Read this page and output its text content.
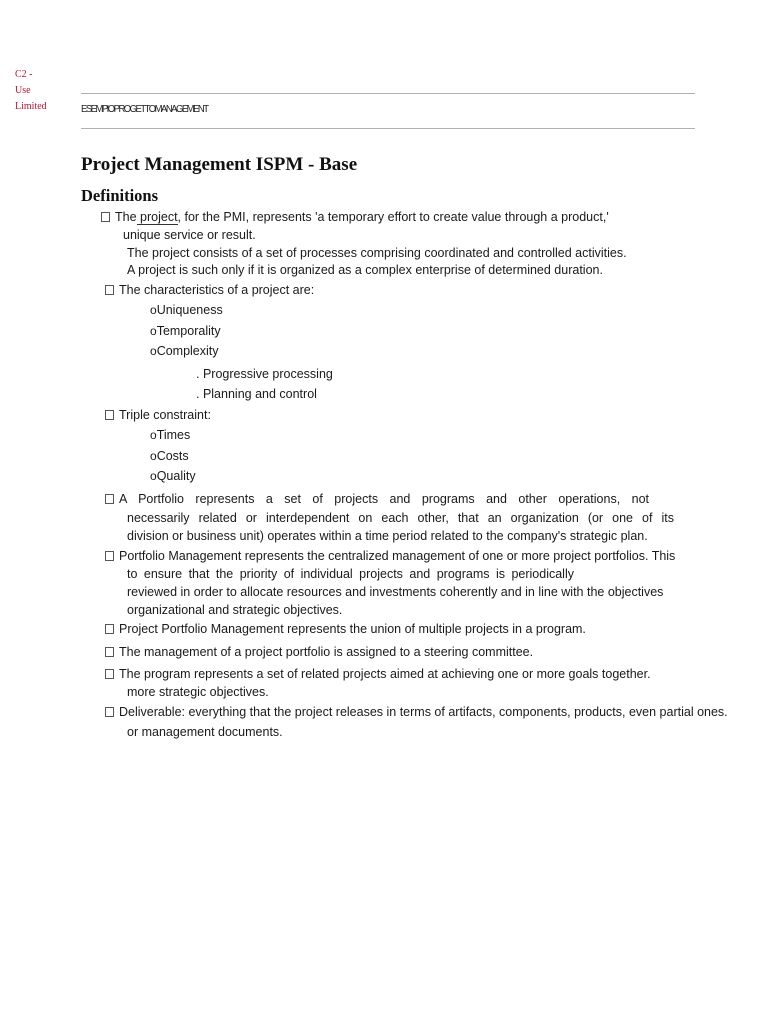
C2 -
Use
Limited	ESEMPIOPROGETTOMANAGEMENT
Project Management ISPM - Base
Definitions
The project, for the PMI, represents 'a temporary effort to create value through a product,'
unique service or result.
The project consists of a set of processes comprising coordinated and controlled activities.
A project is such only if it is organized as a complex enterprise of determined duration.
The characteristics of a project are:
oUniqueness
oTemporality
oComplexity
. Progressive processing
. Planning and control
Triple constraint:
oTimes
oCosts
oQuality
A Portfolio represents a set of projects and programs and other operations, not
necessarily related or interdependent on each other, that an organization (or one of its
division or business unit) operates within a time period related to the company's strategic plan.
Portfolio Management represents the centralized management of one or more project portfolios. This
to ensure that the priority of individual projects and programs is periodically
reviewed in order to allocate resources and investments coherently and in line with the objectives
organizational and strategic objectives.
Project Portfolio Management represents the union of multiple projects in a program.
The management of a project portfolio is assigned to a steering committee.
The program represents a set of related projects aimed at achieving one or more goals together.
more strategic objectives.
Deliverable: everything that the project releases in terms of artifacts, components, products, even partial ones.
or management documents.
